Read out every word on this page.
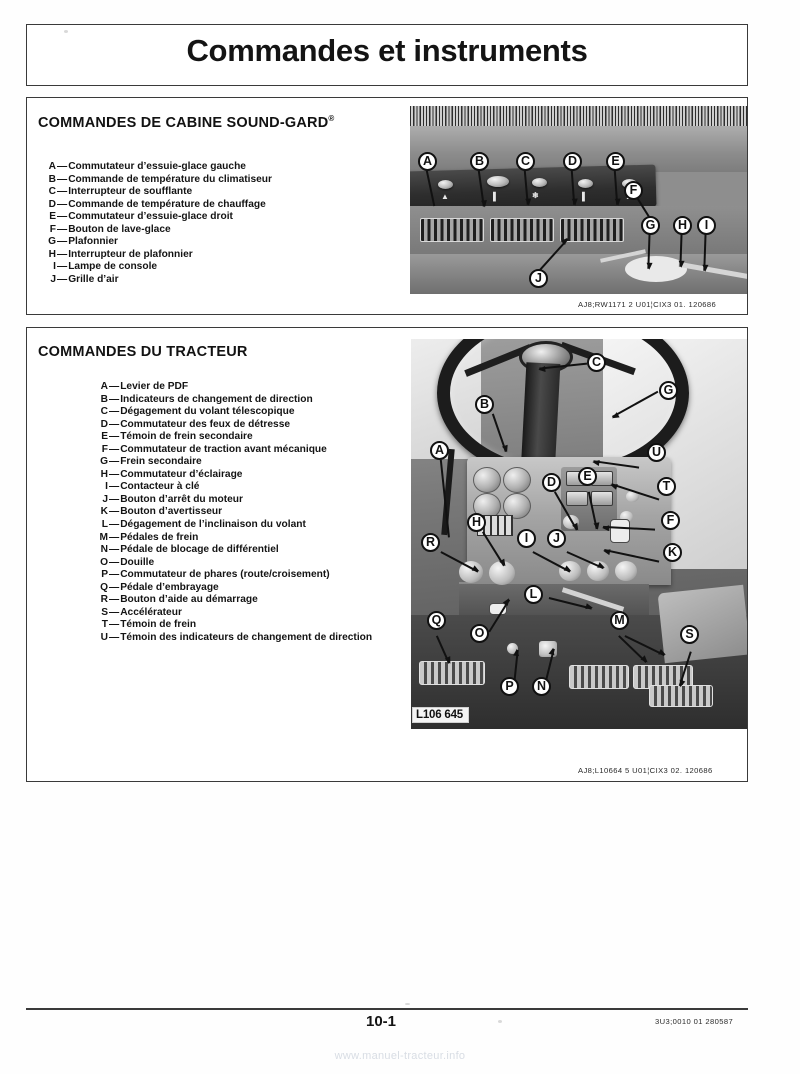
Commandes et instruments
COMMANDES DE CABINE SOUND-GARD®
A—Commutateur d’essuie-glace gauche
B—Commande de température du climatiseur
C—Interrupteur de soufflante
D—Commande de température de chauffage
E—Commutateur d’essuie-glace droit
F—Bouton de lave-glace
G—Plafonnier
H—Interrupteur de plafonnier
I—Lampe de console
J—Grille d’air
▲	▌	❄	▌
A	B	C	D	E
F
G	H	I
J
AJ8;RW1171 2 U01¦CIX3 01. 120686
COMMANDES DU TRACTEUR
A—Levier de PDF
B—Indicateurs de changement de direction
C—Dégagement du volant télescopique
D—Commutateur des feux de détresse
E—Témoin de frein secondaire
F—Commutateur de traction avant mécanique
G—Frein secondaire
H—Commutateur d’éclairage
I—Contacteur à clé
J—Bouton d’arrêt du moteur
K—Bouton d’avertisseur
L—Dégagement de l’inclinaison du volant
M—Pédales de frein
N—Pédale de blocage de différentiel
O—Douille
P—Commutateur de phares (route/croisement)
Q—Pédale d’embrayage
R—Bouton d’aide au démarrage
S—Accélérateur
T—Témoin de frein
U—Témoin des indicateurs de changement de direction
L106 645
C
G
B
A
R
D	E
U
T
F
K
H
I	J
L
O
Q
P	N
M
S
AJ8;L10664 5 U01¦CIX3 02. 120686
10-1	3U3;0010 01 280587
www.manuel-tracteur.info
